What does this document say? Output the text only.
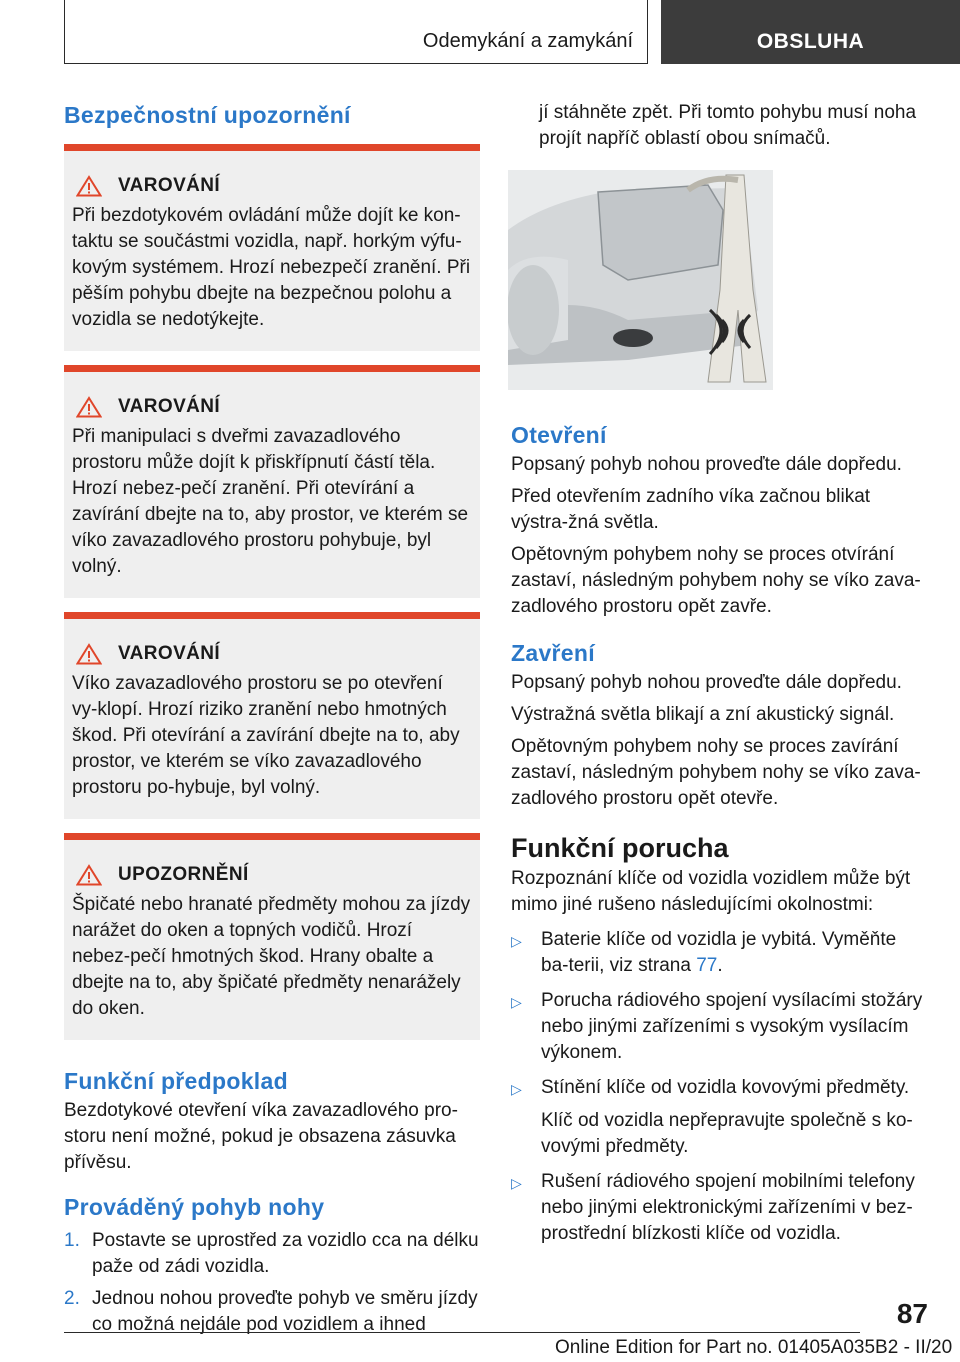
Odemykání a zamykání	OBSLUHA
Bezpečnostní upozornění
VAROVÁNÍ

Při bezdotykovém ovládání může dojít ke kon-taktu se součástmi vozidla, např. horkým výfu-kovým systémem. Hrozí nebezpečí zranění. Při pěším pohybu dbejte na bezpečnou polohu a vozidla se nedotýkejte.

VAROVÁNÍ

Při manipulaci s dveřmi zavazadlového prostoru může dojít k přiskřípnutí částí těla. Hrozí nebez-pečí zranění. Při otevírání a zavírání dbejte na to, aby prostor, ve kterém se víko zavazadlového prostoru pohybuje, byl volný.

VAROVÁNÍ

Víko zavazadlového prostoru se po otevření vy-klopí. Hrozí riziko zranění nebo hmotných škod. Při otevírání a zavírání dbejte na to, aby prostor, ve kterém se víko zavazadlového prostoru po-hybuje, byl volný.

UPOZORNĚNÍ

Špičaté nebo hranaté předměty mohou za jízdy narážet do oken a topných vodičů. Hrozí nebez-pečí hmotných škod. Hrany obalte a dbejte na to, aby špičaté předměty nenarážely do oken.

Funkční předpoklad

Bezdotykové otevření víka zavazadlového pro-storu není možné, pokud je obsazena zásuvka přívěsu.

Prováděný pohyb nohy
1. Postavte se uprostřed za vozidlo cca na délku paže od zádi vozidla.
2. Jednou nohou proveďte pohyb ve směru jízdy co možná nejdále pod vozidlem a ihned

jí stáhněte zpět. Při tomto pohybu musí noha projít napříč oblastí obou snímačů.

Otevření

Popsaný pohyb nohou proveďte dále dopředu.

Před otevřením zadního víka začnou blikat výstra-žná světla.

Opětovným pohybem nohy se proces otvírání zastaví, následným pohybem nohy se víko zava-zadlového prostoru opět zavře.

Zavření

Popsaný pohyb nohou proveďte dále dopředu.

Výstražná světla blikají a zní akustický signál.

Opětovným pohybem nohy se proces zavírání zastaví, následným pohybem nohy se víko zava-zadlového prostoru opět otevře.

Funkční porucha

Rozpoznání klíče od vozidla vozidlem může být mimo jiné rušeno následujícími okolnostmi:

▷	Baterie klíče od vozidla je vybitá. Vyměňte ba-terii, viz strana 77.
▷	Porucha rádiového spojení vysílacími stožáry nebo jinými zařízeními s vysokým vysílacím výkonem.
▷	Stínění klíče od vozidla kovovými předměty.

Klíč od vozidla nepřepravujte společně s ko-vovými předměty.

▷	Rušení rádiového spojení mobilními telefony nebo jinými elektronickými zařízeními v bez-prostřední blízkosti klíče od vozidla.
87
Online Edition for Part no. 01405A035B2 - II/20
